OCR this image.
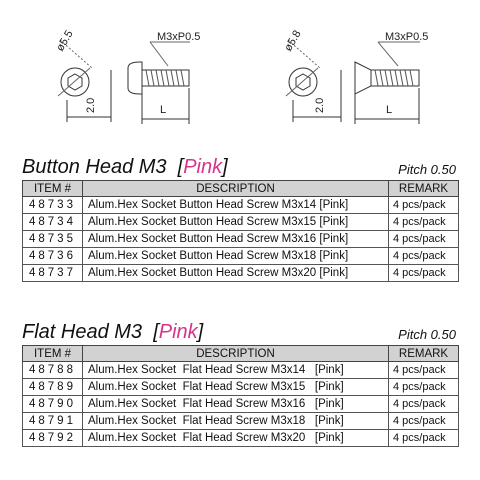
ø5.5	M3xP0.5
2.0	L
ø5.8	M3xP0.5
2.0	L
Button Head M3 [Pink]	Pitch 0.50
ITEM #	DESCRIPTION	REMARK
48733	Alum.Hex Socket Button Head Screw M3x14 [Pink]	4 pcs/pack
48734	Alum.Hex Socket Button Head Screw M3x15 [Pink]	4 pcs/pack
48735	Alum.Hex Socket Button Head Screw M3x16 [Pink]	4 pcs/pack
48736	Alum.Hex Socket Button Head Screw M3x18 [Pink]	4 pcs/pack
48737	Alum.Hex Socket Button Head Screw M3x20 [Pink]	4 pcs/pack
Flat Head M3 [Pink]	Pitch 0.50
ITEM #	DESCRIPTION	REMARK
48788	Alum.Hex Socket  Flat Head Screw M3x14   [Pink]	4 pcs/pack
48789	Alum.Hex Socket  Flat Head Screw M3x15   [Pink]	4 pcs/pack
48790	Alum.Hex Socket  Flat Head Screw M3x16   [Pink]	4 pcs/pack
48791	Alum.Hex Socket  Flat Head Screw M3x18   [Pink]	4 pcs/pack
48792	Alum.Hex Socket  Flat Head Screw M3x20   [Pink]	4 pcs/pack
